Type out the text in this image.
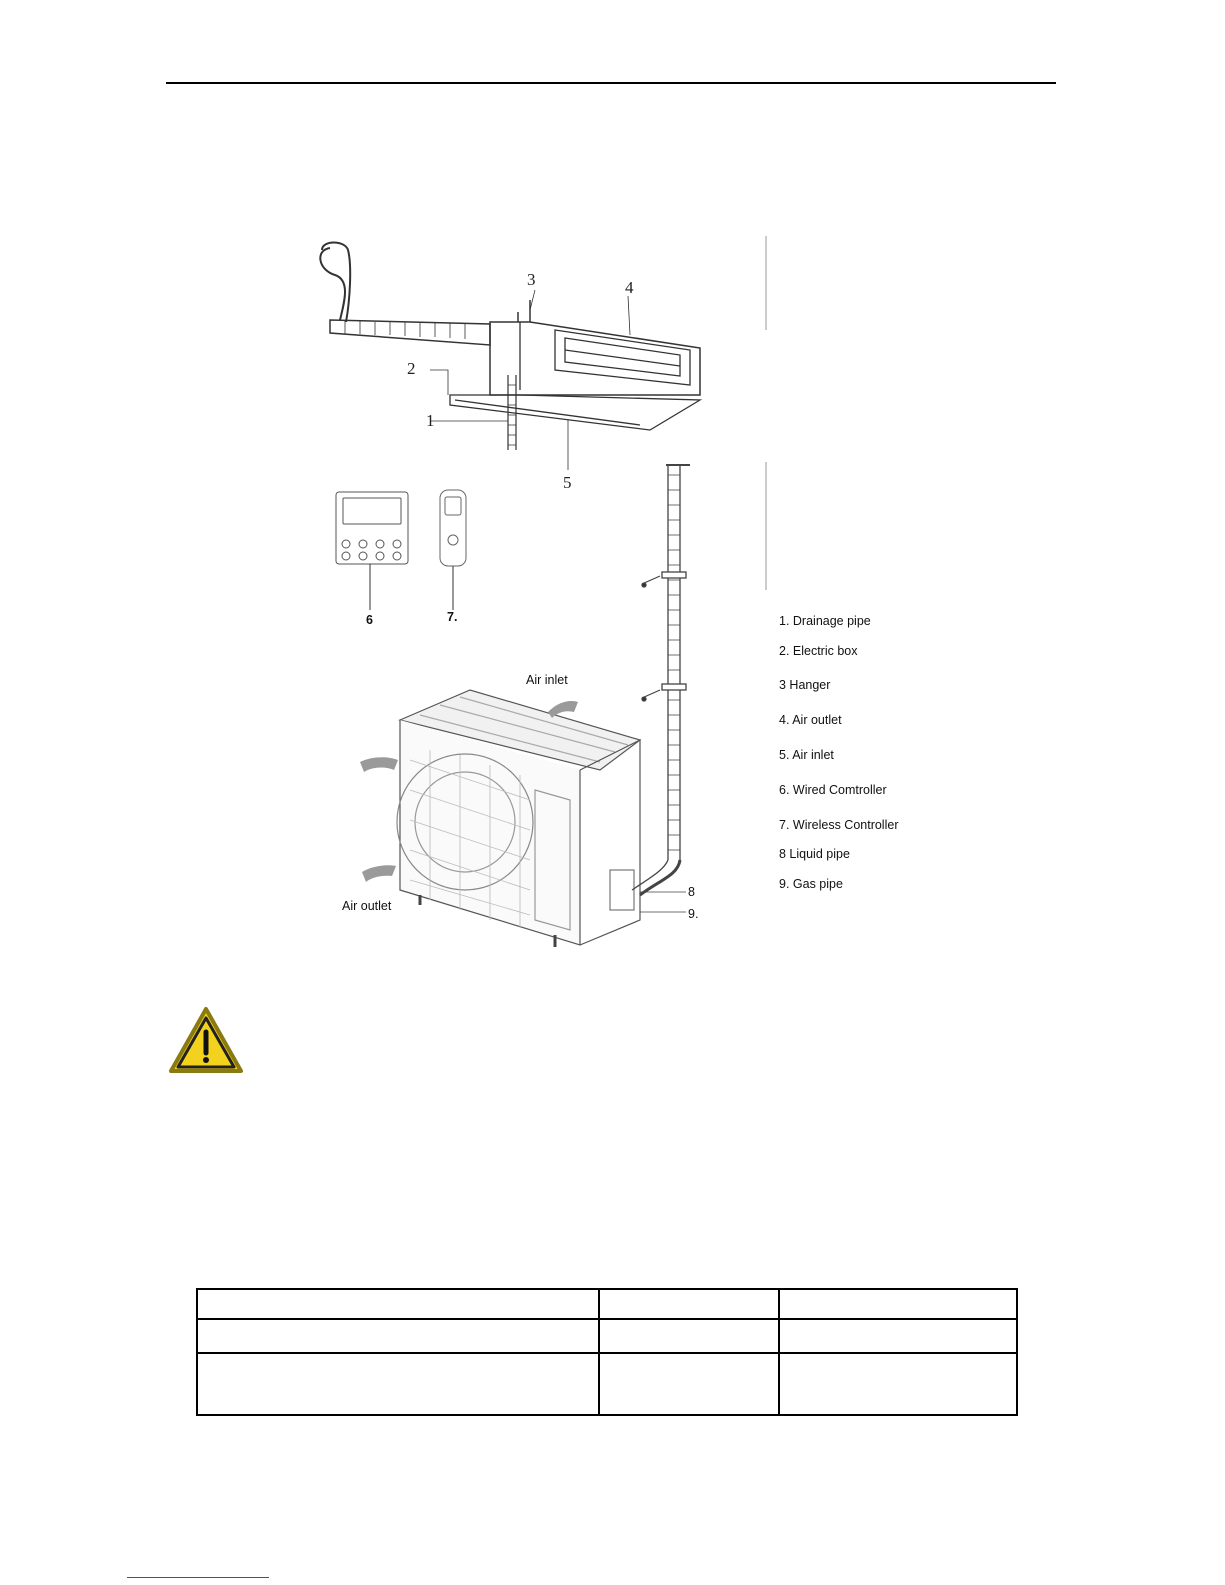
1
2
3	4
5
6	7.
8
9.
Air inlet
Air outlet
1. Drainage pipe
2. Electric box
3 Hanger
4. Air outlet
5. Air inlet
6. Wired Comtroller
7. Wireless Controller
8 Liquid pipe
9. Gas pipe
